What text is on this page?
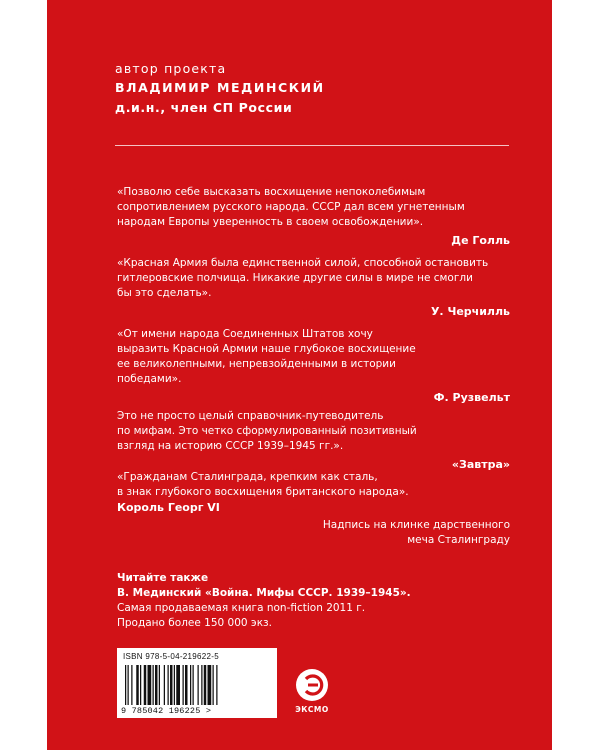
автор проекта
ВЛАДИМИР МЕДИНСКИЙ
д.и.н., член СП России
«Позволю себе высказать восхищение непоколебимым
сопротивлением русского народа. СССР дал всем угнетенным
народам Европы уверенность в своем освобождении».
Де Голль
«Красная Армия была единственной силой, способной остановить
гитлеровские полчища. Никакие другие силы в мире не смогли
бы это сделать».
У. Черчилль
«От имени народа Соединенных Штатов хочу
выразить Красной Армии наше глубокое восхищение
ее великолепными, непревзойденными в истории
победами».
Ф. Рузвельт
Это не просто целый справочник-путеводитель
по мифам. Это четко сформулированный позитивный
взгляд на историю СССР 1939–1945 гг.».
«Завтра»
«Гражданам Сталинграда, крепким как сталь,
в знак глубокого восхищения британского народа».
Король Георг VI
Надпись на клинке дарственного
меча Сталинграду
Читайте также
В. Мединский «Война. Мифы СССР. 1939–1945».
Самая продаваемая книга non-fiction 2011 г.
Продано более 150 000 экз.
ISBN 978-5-04-219622-5
9 785042 196225 >	ЭКСМО
